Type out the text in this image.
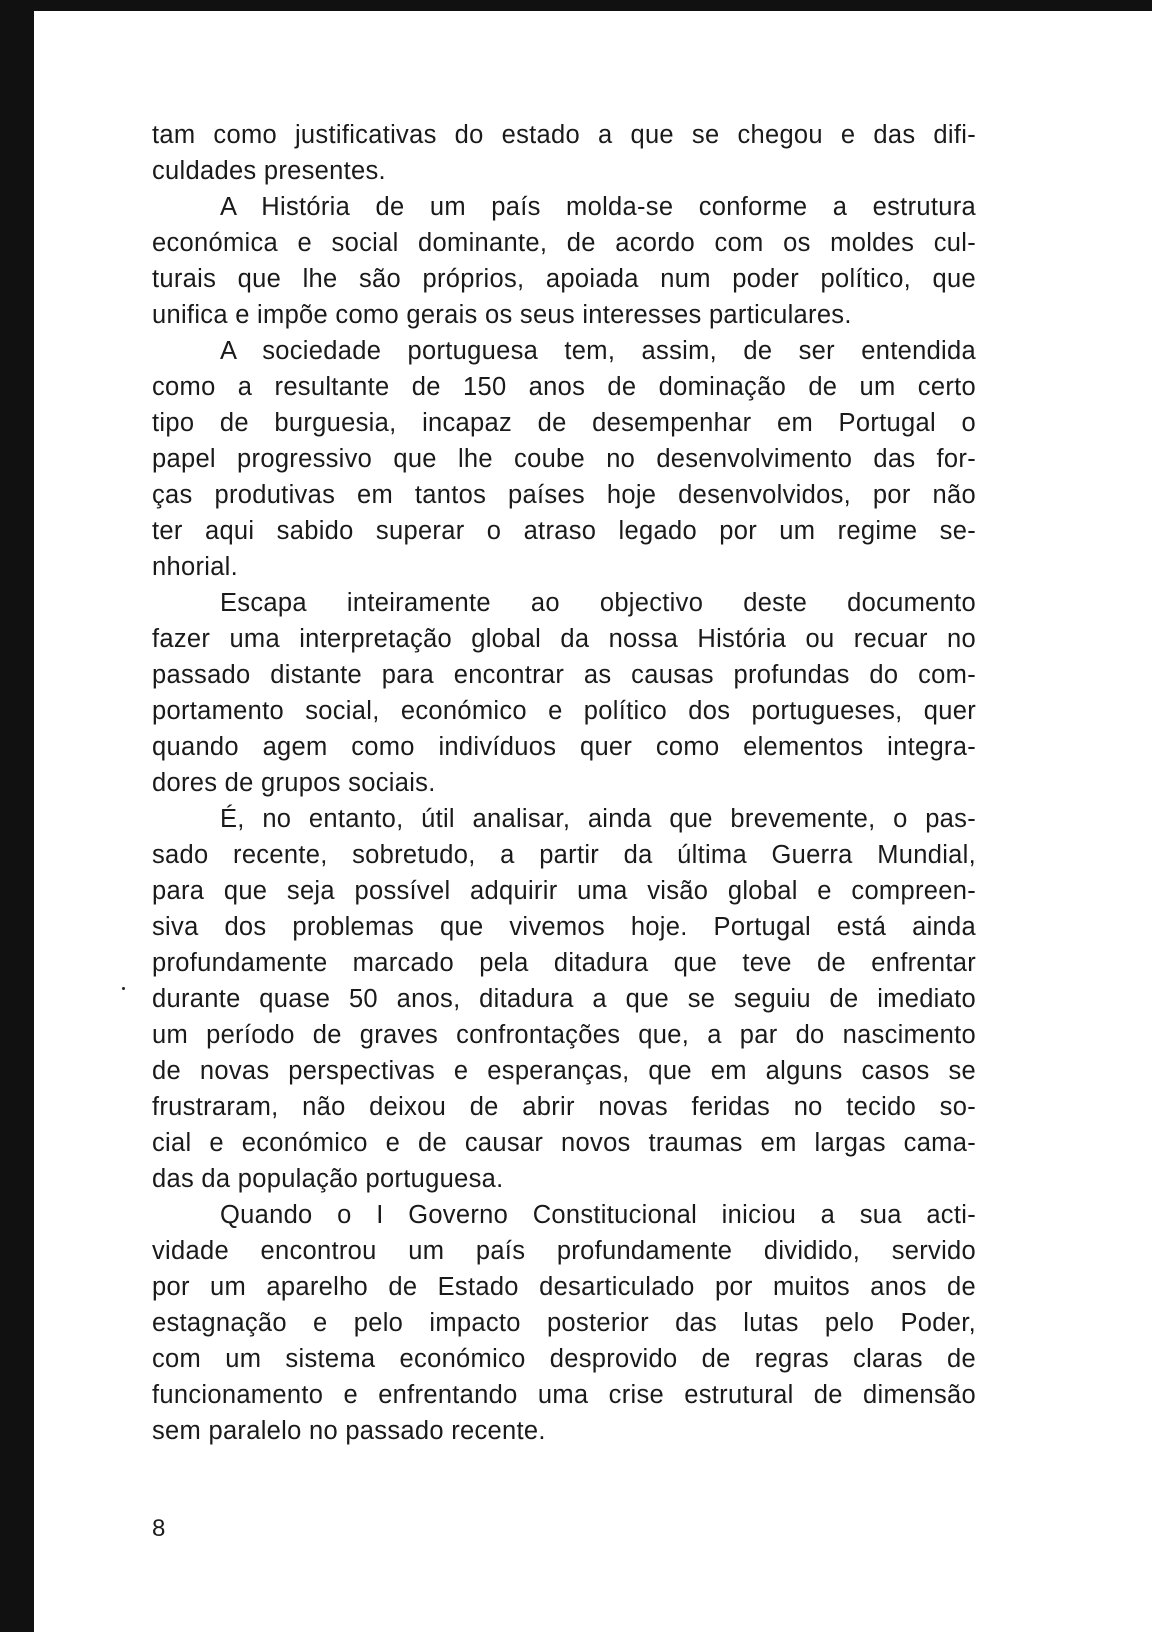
tam como justificativas do estado a que se chegou e das difi-
culdades presentes.
A História de um país molda-se conforme a estrutura
económica e social dominante, de acordo com os moldes cul-
turais que lhe são próprios, apoiada num poder político, que
unifica e impõe como gerais os seus interesses particulares.
A sociedade portuguesa tem, assim, de ser entendida
como a resultante de 150 anos de dominação de um certo
tipo de burguesia, incapaz de desempenhar em Portugal o
papel progressivo que lhe coube no desenvolvimento das for-
ças produtivas em tantos países hoje desenvolvidos, por não
ter aqui sabido superar o atraso legado por um regime se-
nhorial.
Escapa inteiramente ao objectivo deste documento
fazer uma interpretação global da nossa História ou recuar no
passado distante para encontrar as causas profundas do com-
portamento social, económico e político dos portugueses, quer
quando agem como indivíduos quer como elementos integra-
dores de grupos sociais.
É, no entanto, útil analisar, ainda que brevemente, o pas-
sado recente, sobretudo, a partir da última Guerra Mundial,
para que seja possível adquirir uma visão global e compreen-
siva dos problemas que vivemos hoje. Portugal está ainda
profundamente marcado pela ditadura que teve de enfrentar
durante quase 50 anos, ditadura a que se seguiu de imediato
um período de graves confrontações que, a par do nascimento
de novas perspectivas e esperanças, que em alguns casos se
frustraram, não deixou de abrir novas feridas no tecido so-
cial e económico e de causar novos traumas em largas cama-
das da população portuguesa.
Quando o I Governo Constitucional iniciou a sua acti-
vidade encontrou um país profundamente dividido, servido
por um aparelho de Estado desarticulado por muitos anos de
estagnação e pelo impacto posterior das lutas pelo Poder,
com um sistema económico desprovido de regras claras de
funcionamento e enfrentando uma crise estrutural de dimensão
sem paralelo no passado recente.
8
